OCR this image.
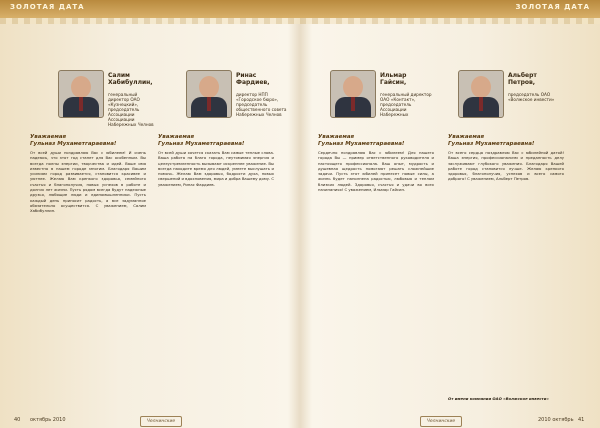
ЗОЛОТАЯ ДАТА	ЗОЛОТАЯ ДАТА
Салим
Хабибуллин,
генеральный директор ОАО «Кузнецкий», председатель Ассоциации Ассоциации Набережных Челнов
Ринас
Фардиев,
директор НПП «Городское бюро», председатель общественного совета Набережных Челнов
Ильмар
Гайсин,
генеральный директор ОАО «Контакт», председатель Ассоциации Набережных
Альберт
Петров,
председатель ОАО «Волжское инвести»
Уважаемая
Гульназ Мухаметгараевна!
От всей души поздравляю Вас с юбилеем! И очень надеюсь, что этот год станет для Вас особенным. Вы всегда полны энергии, творчества и идей. Ваше имя известно в нашем городе многим. Благодаря Вашим усилиям город развивается, становится красивее и уютнее. Желаю Вам крепкого здоровья, семейного счастья и благополучия, новых успехов в работе и долгих лет жизни. Пусть рядом всегда будут надежные друзья, любящие люди и единомышленники. Пусть каждый день приносит радость, а все задуманное обязательно осуществится. С уважением, Салим Хабибуллин.
Уважаемая
Гульназ Мухаметгараевна!
От всей души хочется сказать Вам самые теплые слова. Ваша работа на благо города, неутомимая энергия и целеустремленность вызывают искреннее уважение. Вы всегда находите время для людей, умеете выслушать и помочь. Желаю Вам здоровья, бодрости духа, новых свершений и вдохновения, мира и добра Вашему дому. С уважением, Ринас Фардиев.
Уважаемая
Гульназ Мухаметгараевна!
Сердечно поздравляю Вас с юбилеем! Для нашего города Вы — пример ответственного руководителя и настоящего профессионала. Ваш опыт, мудрость и душевная щедрость помогают решать сложнейшие задачи. Пусть этот юбилей принесет новые силы, а жизнь будет наполнена радостью, любовью и теплом близких людей. Здоровья, счастья и удачи во всех начинаниях! С уважением, Ильмар Гайсин.
Уважаемая
Гульназ Мухаметгараевна!
От всего сердца поздравляю Вас с юбилейной датой! Ваша энергия, профессионализм и преданность делу заслуживают глубокого уважения. Благодаря Вашей работе город становится лучше. Желаю крепкого здоровья, благополучия, успехов и всего самого доброго! С уважением, Альберт Петров.
От имени компании ОАО «Волжское инвести»
40 октябрь 2010	Челнинские	Челнинские	2010 октябрь 41
